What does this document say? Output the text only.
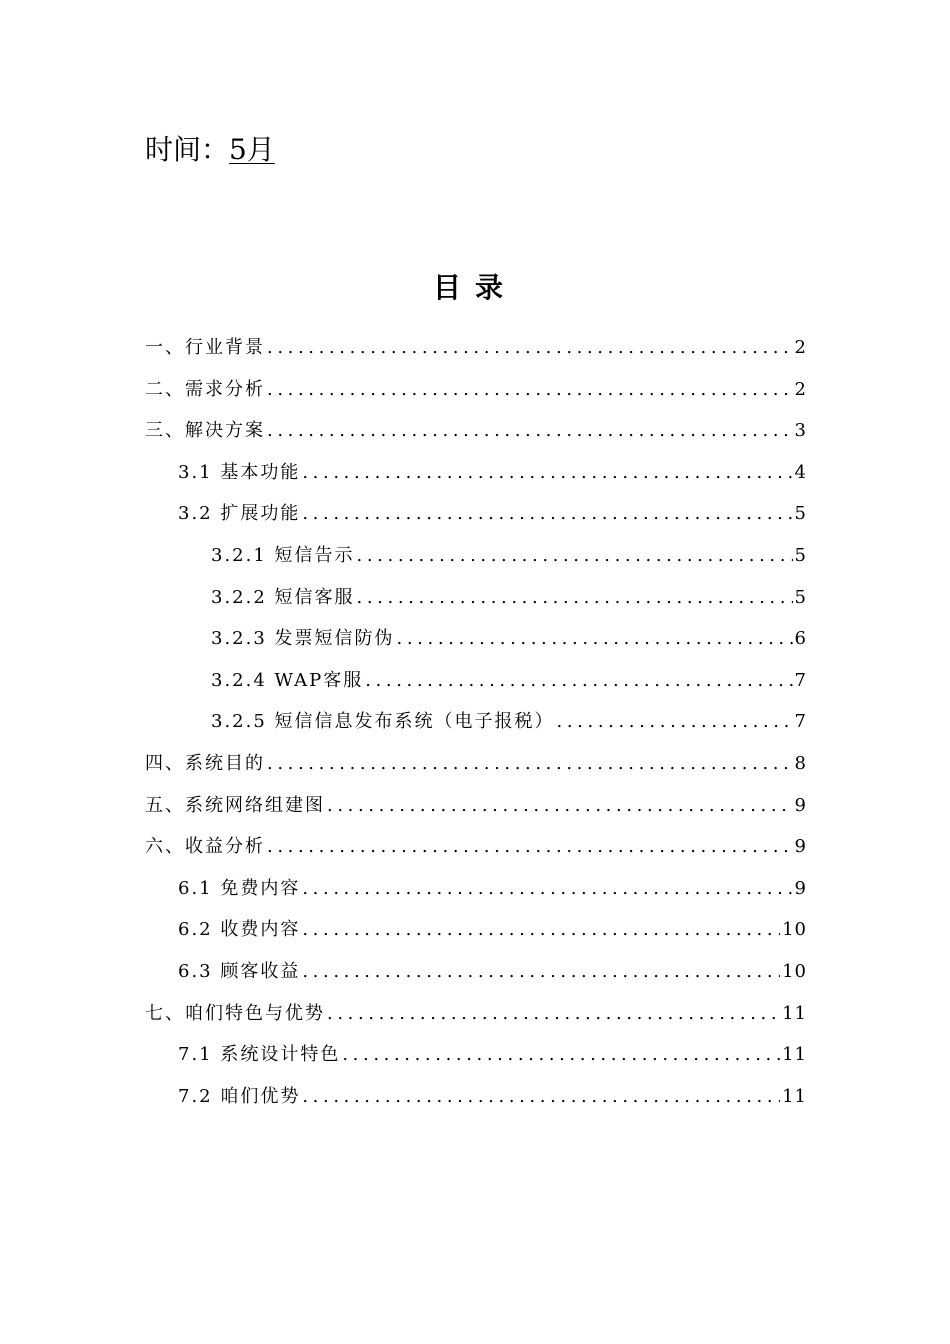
时间：5月
目录
一、行业背景 .....	2
二、需求分析 .....	2
三、解决方案 .....	3
3.1 基本功能 .....	4
3.2 扩展功能 .....	5
3.2.1 短信告示 .....	5
3.2.2 短信客服 .....	5
3.2.3 发票短信防伪 .....	6
3.2.4 WAP客服 .....	7
3.2.5 短信信息发布系统（电子报税） .....	7
四、系统目的 .....	8
五、系统网络组建图 .....	9
六、收益分析 .....	9
6.1 免费内容 .....	9
6.2 收费内容 .....	10
6.3 顾客收益 .....	10
七、咱们特色与优势 .....	11
7.1 系统设计特色 .....	11
7.2 咱们优势 .....	11
